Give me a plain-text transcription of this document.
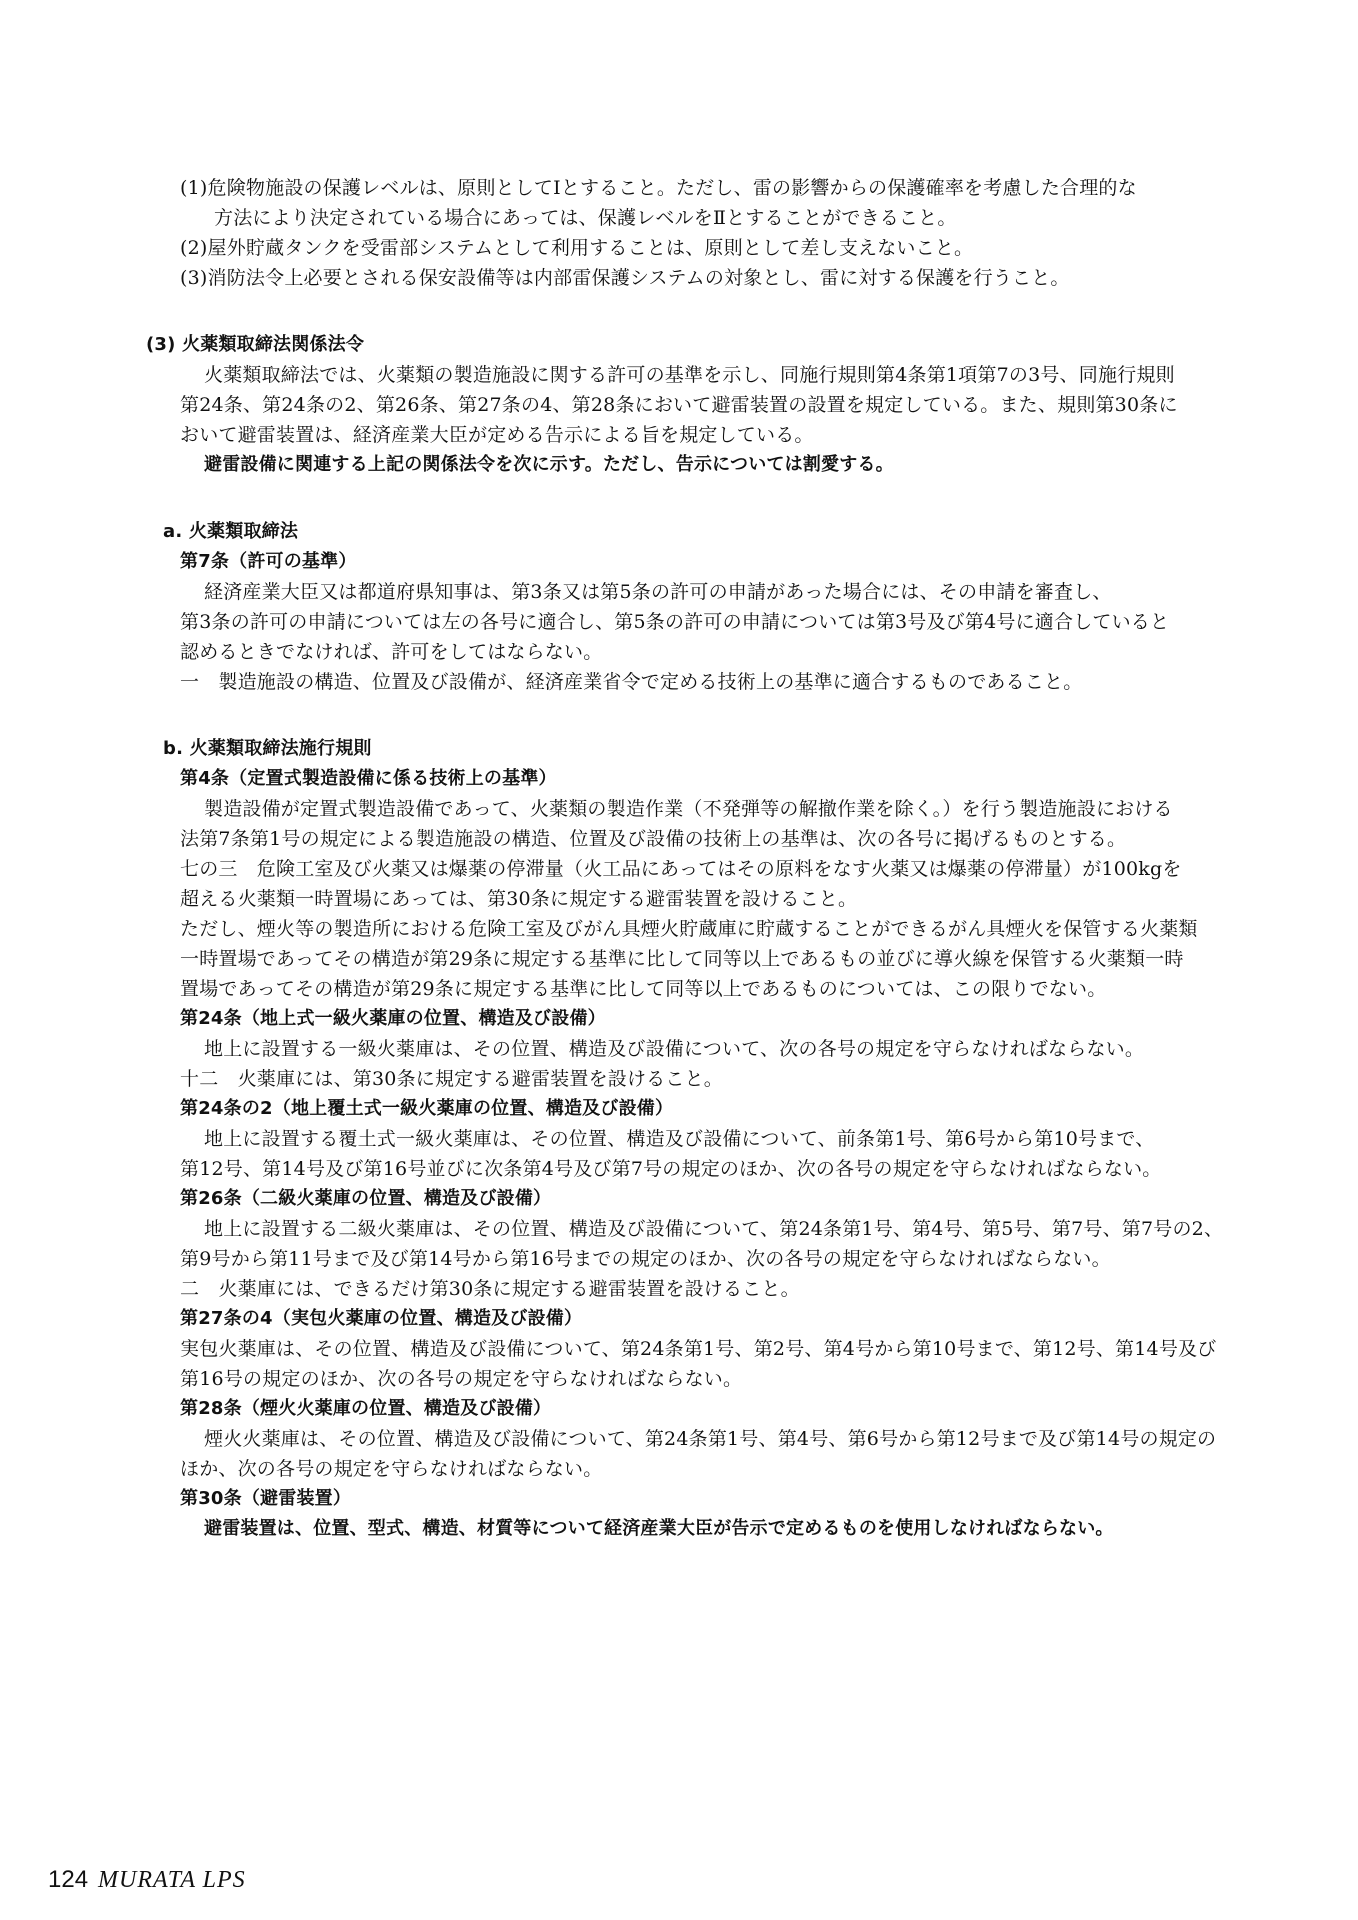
(1)危険物施設の保護レベルは、原則としてⅠとすること。ただし、雷の影響からの保護確率を考慮した合理的な
方法により決定されている場合にあっては、保護レベルをⅡとすることができること。
(2)屋外貯蔵タンクを受雷部システムとして利用することは、原則として差し支えないこと。
(3)消防法令上必要とされる保安設備等は内部雷保護システムの対象とし、雷に対する保護を行うこと。
(3) 火薬類取締法関係法令
火薬類取締法では、火薬類の製造施設に関する許可の基準を示し、同施行規則第4条第1項第7の3号、同施行規則
第24条、第24条の2、第26条、第27条の4、第28条において避雷装置の設置を規定している。また、規則第30条に
おいて避雷装置は、経済産業大臣が定める告示による旨を規定している。
避雷設備に関連する上記の関係法令を次に示す。ただし、告示については割愛する。
a. 火薬類取締法
第7条（許可の基準）
経済産業大臣又は都道府県知事は、第3条又は第5条の許可の申請があった場合には、その申請を審査し、
第3条の許可の申請については左の各号に適合し、第5条の許可の申請については第3号及び第4号に適合していると
認めるときでなければ、許可をしてはならない。
一　製造施設の構造、位置及び設備が、経済産業省令で定める技術上の基準に適合するものであること。
b. 火薬類取締法施行規則
第4条（定置式製造設備に係る技術上の基準）
製造設備が定置式製造設備であって、火薬類の製造作業（不発弾等の解撤作業を除く。）を行う製造施設における
法第7条第1号の規定による製造施設の構造、位置及び設備の技術上の基準は、次の各号に掲げるものとする。
七の三　危険工室及び火薬又は爆薬の停滞量（火工品にあってはその原料をなす火薬又は爆薬の停滞量）が100kgを
超える火薬類一時置場にあっては、第30条に規定する避雷装置を設けること。
ただし、煙火等の製造所における危険工室及びがん具煙火貯蔵庫に貯蔵することができるがん具煙火を保管する火薬類
一時置場であってその構造が第29条に規定する基準に比して同等以上であるもの並びに導火線を保管する火薬類一時
置場であってその構造が第29条に規定する基準に比して同等以上であるものについては、この限りでない。
第24条（地上式一級火薬庫の位置、構造及び設備）
地上に設置する一級火薬庫は、その位置、構造及び設備について、次の各号の規定を守らなければならない。
十二　火薬庫には、第30条に規定する避雷装置を設けること。
第24条の2（地上覆土式一級火薬庫の位置、構造及び設備）
地上に設置する覆土式一級火薬庫は、その位置、構造及び設備について、前条第1号、第6号から第10号まで、
第12号、第14号及び第16号並びに次条第4号及び第7号の規定のほか、次の各号の規定を守らなければならない。
第26条（二級火薬庫の位置、構造及び設備）
地上に設置する二級火薬庫は、その位置、構造及び設備について、第24条第1号、第4号、第5号、第7号、第7号の2、
第9号から第11号まで及び第14号から第16号までの規定のほか、次の各号の規定を守らなければならない。
二　火薬庫には、できるだけ第30条に規定する避雷装置を設けること。
第27条の4（実包火薬庫の位置、構造及び設備）
実包火薬庫は、その位置、構造及び設備について、第24条第1号、第2号、第4号から第10号まで、第12号、第14号及び
第16号の規定のほか、次の各号の規定を守らなければならない。
第28条（煙火火薬庫の位置、構造及び設備）
煙火火薬庫は、その位置、構造及び設備について、第24条第1号、第4号、第6号から第12号まで及び第14号の規定の
ほか、次の各号の規定を守らなければならない。
第30条（避雷装置）
避雷装置は、位置、型式、構造、材質等について経済産業大臣が告示で定めるものを使用しなければならない。
124 MURATA LPS
